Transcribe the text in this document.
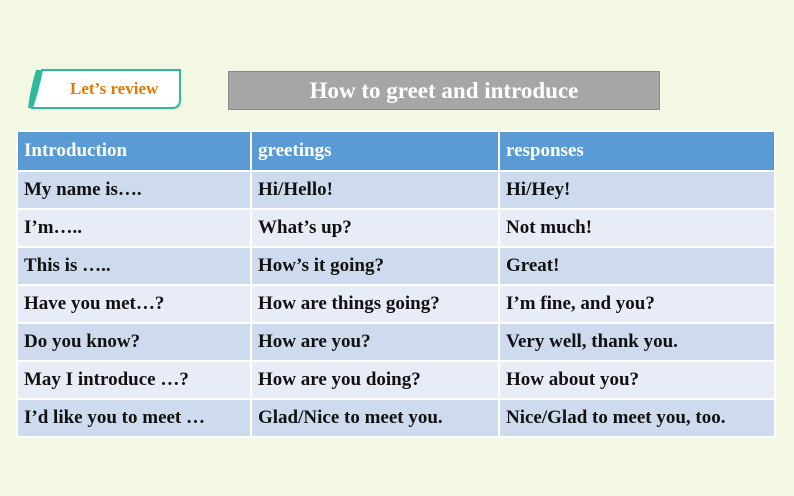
Let’s review	How to greet and introduce
Introduction	greetings	responses
My name is….	Hi/Hello!	Hi/Hey!
I’m…..	What’s up?	Not much!
This is …..	How’s it going?	Great!
Have you met…?	How are things going?	I’m fine, and you?
Do you know?	How are you?	Very well, thank you.
May I introduce …?	How are you doing?	How about you?
I’d like you to meet …	Glad/Nice to meet you.	Nice/Glad to meet you, too.
